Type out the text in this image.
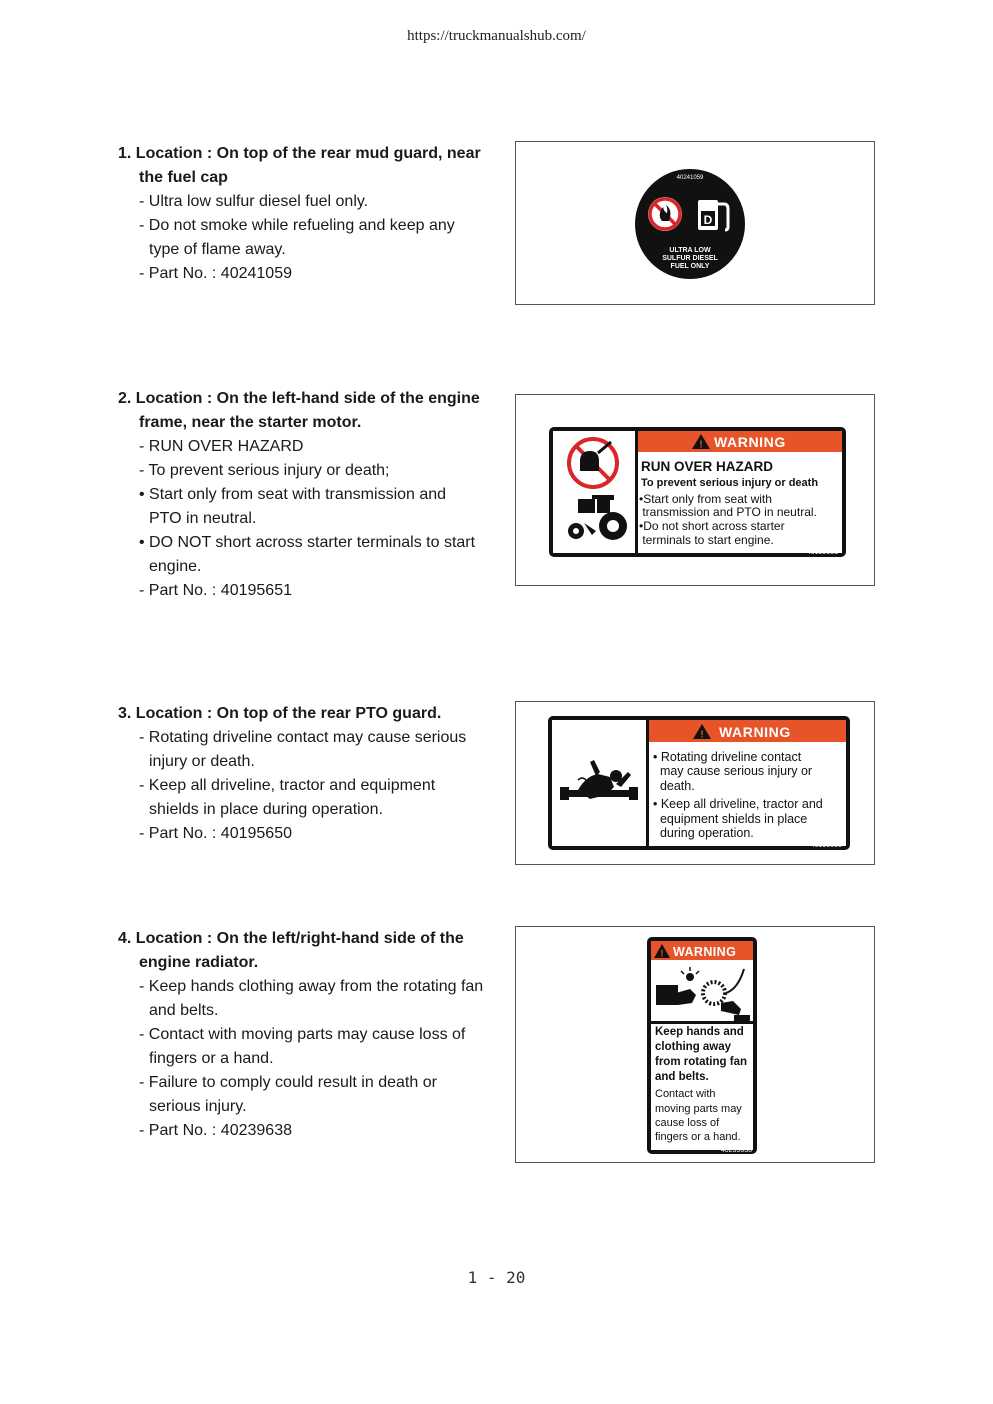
https://truckmanualshub.com/
1. Location : On top of the rear mud guard, near
the fuel cap
- Ultra low sulfur diesel fuel only.
- Do not smoke while refueling and keep any
type of flame away.
- Part No. : 40241059
40241059
D
ULTRA LOW
SULFUR DIESEL
FUEL ONLY
2. Location : On the left-hand side of the engine
frame, near the starter motor.
- RUN OVER HAZARD
- To prevent serious injury or death;
• Start only from seat with transmission and
PTO in neutral.
• DO NOT short across starter terminals to start
engine.
- Part No. : 40195651
! WARNING
RUN OVER HAZARD
To prevent serious injury or death
•Start only from seat with
transmission and PTO in neutral.
•Do not short across starter
terminals to start engine.
40195651
3. Location : On top of the rear PTO guard.
- Rotating driveline contact may cause serious
injury or death.
- Keep all driveline, tractor and equipment
shields in place during operation.
- Part No. : 40195650
! WARNING
• Rotating driveline contact
may cause serious injury or
death.
• Keep all driveline, tractor and
equipment shields in place
during operation.
40195650
4. Location : On the left/right-hand side of the
engine radiator.
- Keep hands clothing away from the rotating fan
and belts.
- Contact with moving parts may cause loss of
fingers or a hand.
- Failure to comply could result in death or
serious injury.
- Part No. : 40239638
! WARNING
Keep hands and
clothing away
from rotating fan
and belts.
Contact with
moving parts may
cause loss of
fingers or a hand.
40239638
1 - 20
